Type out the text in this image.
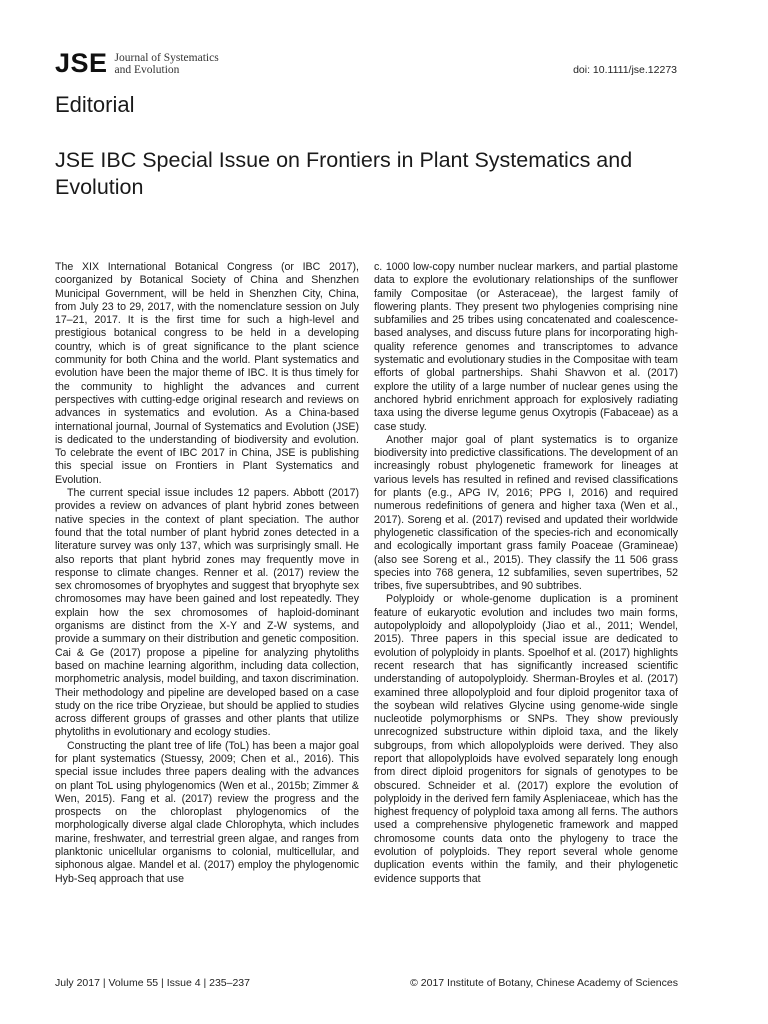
JSE Journal of Systematics
and Evolution	doi: 10.1111/jse.12273
Editorial
JSE IBC Special Issue on Frontiers in Plant Systematics and Evolution

The XIX International Botanical Congress (or IBC 2017), coorganized by Botanical Society of China and Shenzhen Municipal Government, will be held in Shenzhen City, China, from July 23 to 29, 2017, with the nomenclature session on July 17–21, 2017. It is the first time for such a high-level and prestigious botanical congress to be held in a developing country, which is of great significance to the plant science community for both China and the world. Plant systematics and evolution have been the major theme of IBC. It is thus timely for the community to highlight the advances and current perspectives with cutting-edge original research and reviews on advances in systematics and evolution. As a China-based international journal, Journal of Systematics and Evolution (JSE) is dedicated to the understanding of biodiversity and evolution. To celebrate the event of IBC 2017 in China, JSE is publishing this special issue on Frontiers in Plant Systematics and Evolution.

The current special issue includes 12 papers. Abbott (2017) provides a review on advances of plant hybrid zones between native species in the context of plant speciation. The author found that the total number of plant hybrid zones detected in a literature survey was only 137, which was surprisingly small. He also reports that plant hybrid zones may frequently move in response to climate changes. Renner et al. (2017) review the sex chromosomes of bryophytes and suggest that bryophyte sex chromosomes may have been gained and lost repeatedly. They explain how the sex chromosomes of haploid-dominant organisms are distinct from the X-Y and Z-W systems, and provide a summary on their distribution and genetic composition. Cai & Ge (2017) propose a pipeline for analyzing phytoliths based on machine learning algorithm, including data collection, morphometric analysis, model building, and taxon discrimination. Their methodology and pipeline are developed based on a case study on the rice tribe Oryzieae, but should be applied to studies across different groups of grasses and other plants that utilize phytoliths in evolutionary and ecology studies.

Constructing the plant tree of life (ToL) has been a major goal for plant systematics (Stuessy, 2009; Chen et al., 2016). This special issue includes three papers dealing with the advances on plant ToL using phylogenomics (Wen et al., 2015b; Zimmer & Wen, 2015). Fang et al. (2017) review the progress and the prospects on the chloroplast phylogenomics of the morphologically diverse algal clade Chlorophyta, which includes marine, freshwater, and terrestrial green algae, and ranges from planktonic unicellular organisms to colonial, multicellular, and siphonous algae. Mandel et al. (2017) employ the phylogenomic Hyb-Seq approach that use

c. 1000 low-copy number nuclear markers, and partial plastome data to explore the evolutionary relationships of the sunflower family Compositae (or Asteraceae), the largest family of flowering plants. They present two phylogenies comprising nine subfamilies and 25 tribes using concatenated and coalescence-based analyses, and discuss future plans for incorporating high-quality reference genomes and transcriptomes to advance systematic and evolutionary studies in the Compositae with team efforts of global partnerships. Shahi Shavvon et al. (2017) explore the utility of a large number of nuclear genes using the anchored hybrid enrichment approach for explosively radiating taxa using the diverse legume genus Oxytropis (Fabaceae) as a case study.

Another major goal of plant systematics is to organize biodiversity into predictive classifications. The development of an increasingly robust phylogenetic framework for lineages at various levels has resulted in refined and revised classifications for plants (e.g., APG IV, 2016; PPG I, 2016) and required numerous redefinitions of genera and higher taxa (Wen et al., 2017). Soreng et al. (2017) revised and updated their worldwide phylogenetic classification of the species-rich and economically and ecologically important grass family Poaceae (Gramineae) (also see Soreng et al., 2015). They classify the 11 506 grass species into 768 genera, 12 subfamilies, seven supertribes, 52 tribes, five supersubtribes, and 90 subtribes.

Polyploidy or whole-genome duplication is a prominent feature of eukaryotic evolution and includes two main forms, autopolyploidy and allopolyploidy (Jiao et al., 2011; Wendel, 2015). Three papers in this special issue are dedicated to evolution of polyploidy in plants. Spoelhof et al. (2017) highlights recent research that has significantly increased scientific understanding of autopolyploidy. Sherman-Broyles et al. (2017) examined three allopolyploid and four diploid progenitor taxa of the soybean wild relatives Glycine using genome-wide single nucleotide polymorphisms or SNPs. They show previously unrecognized substructure within diploid taxa, and the likely subgroups, from which allopolyploids were derived. They also report that allopolyploids have evolved separately long enough from direct diploid progenitors for signals of genotypes to be obscured. Schneider et al. (2017) explore the evolution of polyploidy in the derived fern family Aspleniaceae, which has the highest frequency of polyploid taxa among all ferns. The authors used a comprehensive phylogenetic framework and mapped chromosome counts data onto the phylogeny to trace the evolution of polyploids. They report several whole genome duplication events within the family, and their phylogenetic evidence supports that

July 2017 | Volume 55 | Issue 4 | 235–237	© 2017 Institute of Botany, Chinese Academy of Sciences
